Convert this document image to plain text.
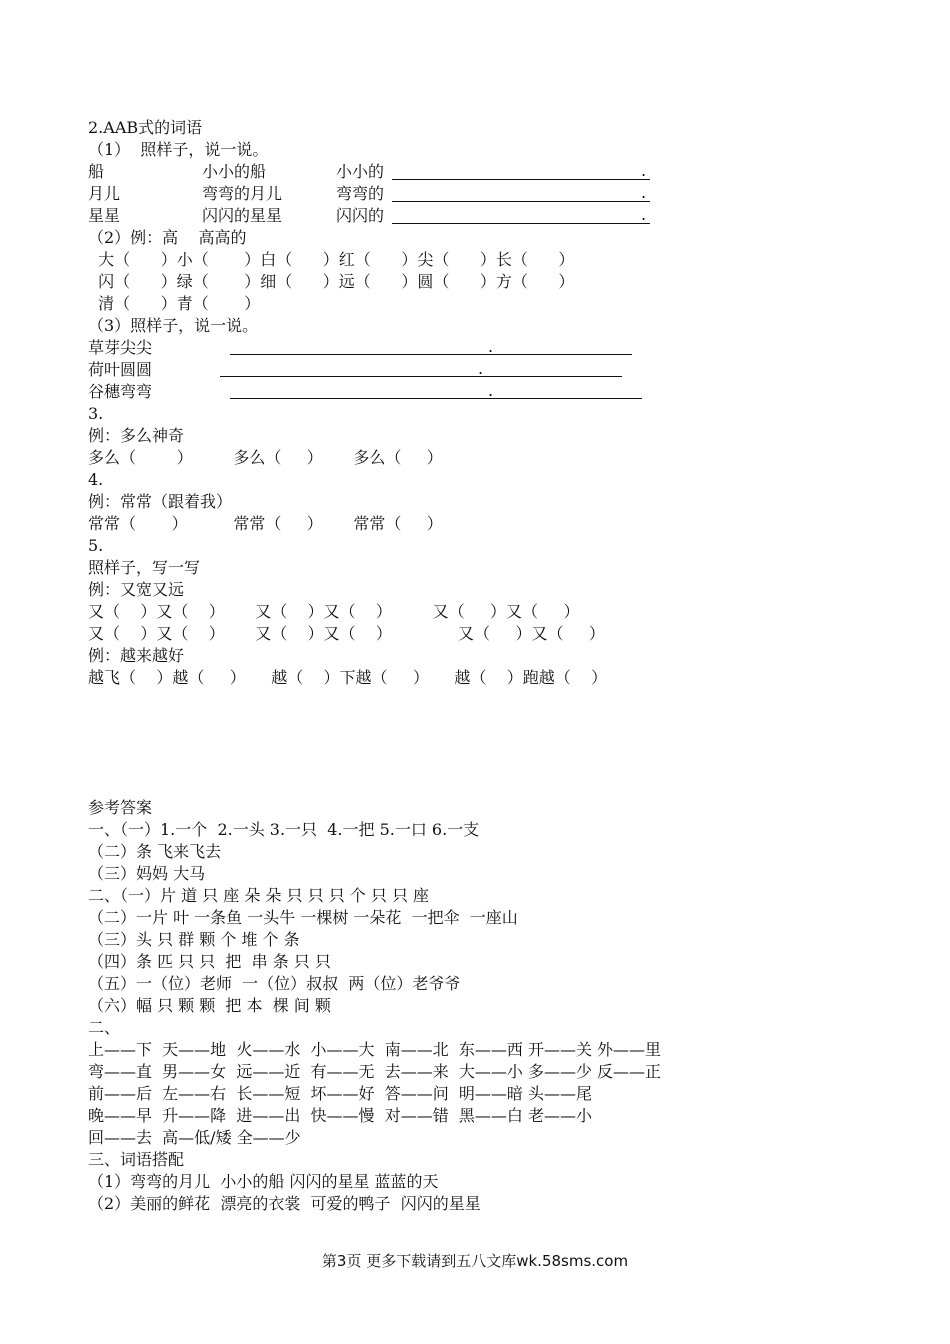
2.AAB式的词语
（1）  照样子，说一说。
船	小小的船	小小的	.
月儿	弯弯的月儿	弯弯的	.
星星	闪闪的星星	闪闪的	.
（2）例：高    高高的
大（      ）小（       ）白（      ）红（      ）尖（      ）长（      ）
闪（      ）绿（       ）细（      ）远（      ）圆（      ）方（      ）
清（      ）青（       ）
（3）照样子，说一说。
草芽尖尖	.
荷叶圆圆	.
谷穗弯弯	.
3.
例：多么神奇
多么（        ）        多么（     ）      多么（     ）
4.
例：常常（跟着我）
常常（       ）         常常（     ）      常常（     ）
5.
照样子，写一写
例：又宽又远
又（    ）又（    ）      又（    ）又（    ）        又（     ）又（     ）
又（    ）又（    ）      又（    ）又（    ）             又（     ）又（     ）
例：越来越好
越飞（    ）越（     ）     越（    ）下越（     ）     越（    ）跑越（    ）
参考答案
一、（一）1.一个  2.一头 3.一只  4.一把 5.一口 6.一支
（二）条 飞来飞去
（三）妈妈 大马
二、（一）片 道 只 座 朵 朵 只 只 只 个 只 只 座
（二）一片 叶 一条鱼 一头牛 一棵树 一朵花  一把伞  一座山
（三）头 只 群 颗 个 堆 个 条
（四）条 匹 只 只  把  串 条 只 只
（五）一（位）老师  一（位）叔叔  两（位）老爷爷
（六）幅 只 颗 颗  把 本  棵 间 颗
二、
上——下  天——地  火——水  小——大  南——北  东——西 开——关 外——里
弯——直  男——女  远——近  有——无  去——来  大——小 多——少 反——正
前——后  左——右  长——短  坏——好  答——问  明——暗 头——尾
晚——早  升——降  进——出  快——慢  对——错  黑——白 老——小
回——去  高—低/矮 全——少
三、词语搭配
（1）弯弯的月儿  小小的船 闪闪的星星 蓝蓝的天
（2）美丽的鲜花  漂亮的衣裳  可爱的鸭子  闪闪的星星
第3页 更多下载请到五八文库wk.58sms.com
